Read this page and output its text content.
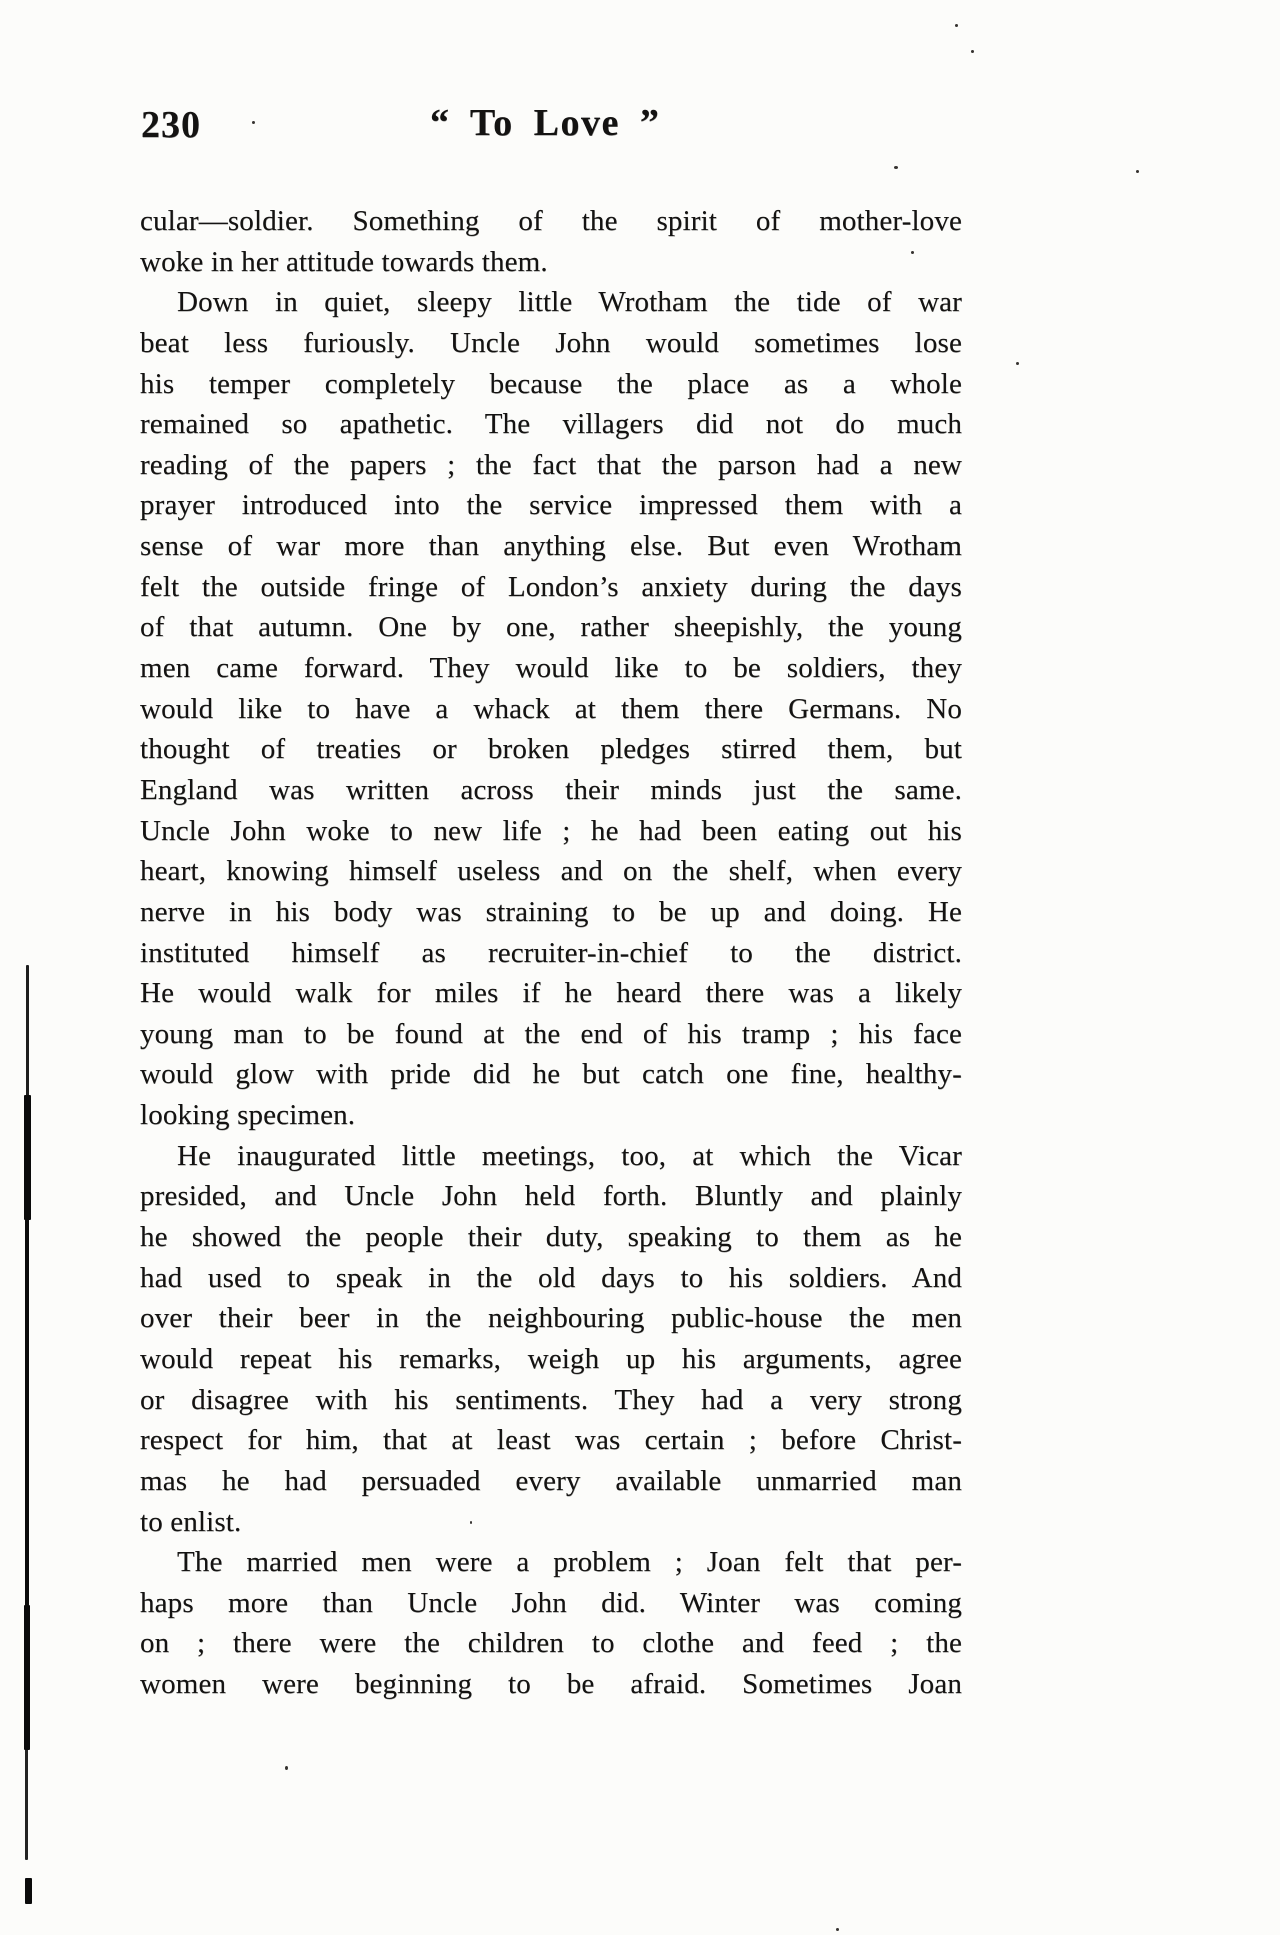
230	“ To Love ”
cular—soldier. Something of the spirit of mother-love
woke in her attitude towards them.
Down in quiet, sleepy little Wrotham the tide of war
beat less furiously. Uncle John would sometimes lose
his temper completely because the place as a whole
remained so apathetic. The villagers did not do much
reading of the papers ; the fact that the parson had a new
prayer introduced into the service impressed them with a
sense of war more than anything else. But even Wrotham
felt the outside fringe of London’s anxiety during the days
of that autumn. One by one, rather sheepishly, the young
men came forward. They would like to be soldiers, they
would like to have a whack at them there Germans. No
thought of treaties or broken pledges stirred them, but
England was written across their minds just the same.
Uncle John woke to new life ; he had been eating out his
heart, knowing himself useless and on the shelf, when every
nerve in his body was straining to be up and doing. He
instituted himself as recruiter-in-chief to the district.
He would walk for miles if he heard there was a likely
young man to be found at the end of his tramp ; his face
would glow with pride did he but catch one fine, healthy-
looking specimen.
He inaugurated little meetings, too, at which the Vicar
presided, and Uncle John held forth. Bluntly and plainly
he showed the people their duty, speaking to them as he
had used to speak in the old days to his soldiers. And
over their beer in the neighbouring public-house the men
would repeat his remarks, weigh up his arguments, agree
or disagree with his sentiments. They had a very strong
respect for him, that at least was certain ; before Christ-
mas he had persuaded every available unmarried man
to enlist.
The married men were a problem ; Joan felt that per-
haps more than Uncle John did. Winter was coming
on ; there were the children to clothe and feed ; the
women were beginning to be afraid. Sometimes Joan
